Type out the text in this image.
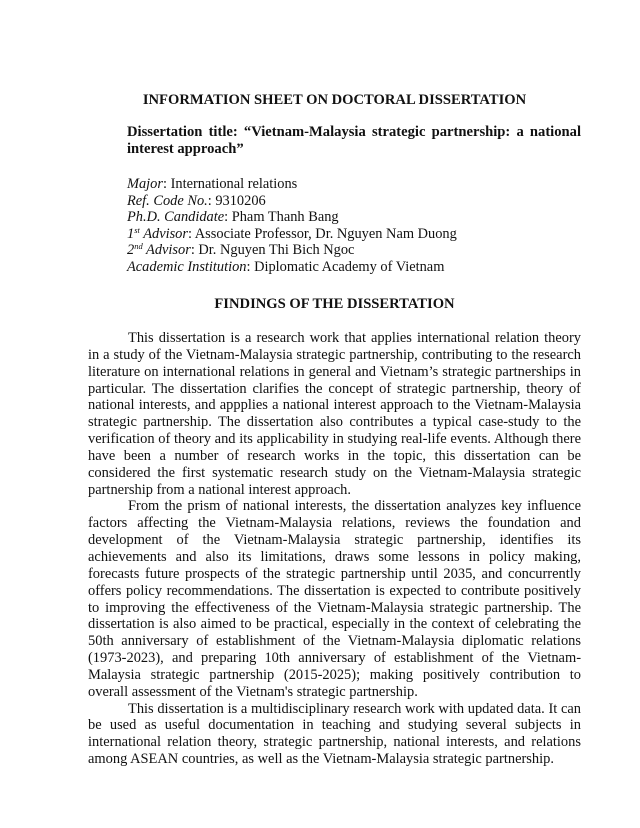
INFORMATION SHEET ON DOCTORAL DISSERTATION

Dissertation title: “Vietnam-Malaysia strategic partnership: a national interest approach”

Major: International relations
Ref. Code No.: 9310206
Ph.D. Candidate: Pham Thanh Bang
1st Advisor: Associate Professor, Dr. Nguyen Nam Duong
2nd Advisor: Dr. Nguyen Thi Bich Ngoc
Academic Institution: Diplomatic Academy of Vietnam
FINDINGS OF THE DISSERTATION

This dissertation is a research work that applies international relation theory in a study of the Vietnam-Malaysia strategic partnership, contributing to the research literature on international relations in general and Vietnam’s strategic partnerships in particular. The dissertation clarifies the concept of strategic partnership, theory of national interests, and appplies a national interest approach to the Vietnam-Malaysia strategic partnership. The dissertation also contributes a typical case-study to the verification of theory and its applicability in studying real-life events. Although there have been a number of research works in the topic, this dissertation can be considered the first systematic research study on the Vietnam-Malaysia strategic partnership from a national interest approach.

From the prism of national interests, the dissertation analyzes key influence factors affecting the Vietnam-Malaysia relations, reviews the foundation and development of the Vietnam-Malaysia strategic partnership, identifies its achievements and also its limitations, draws some lessons in policy making, forecasts future prospects of the strategic partnership until 2035, and concurrently offers policy recommendations. The dissertation is expected to contribute positively to improving the effectiveness of the Vietnam-Malaysia strategic partnership. The dissertation is also aimed to be practical, especially in the context of celebrating the 50th anniversary of establishment of the Vietnam-Malaysia diplomatic relations (1973-2023), and preparing 10th anniversary of establishment of the Vietnam-Malaysia strategic partnership (2015-2025); making positively contribution to overall assessment of the Vietnam's strategic partnership.

This dissertation is a multidisciplinary research work with updated data. It can be used as useful documentation in teaching and studying several subjects in international relation theory, strategic partnership, national interests, and relations among ASEAN countries, as well as the Vietnam-Malaysia strategic partnership.
